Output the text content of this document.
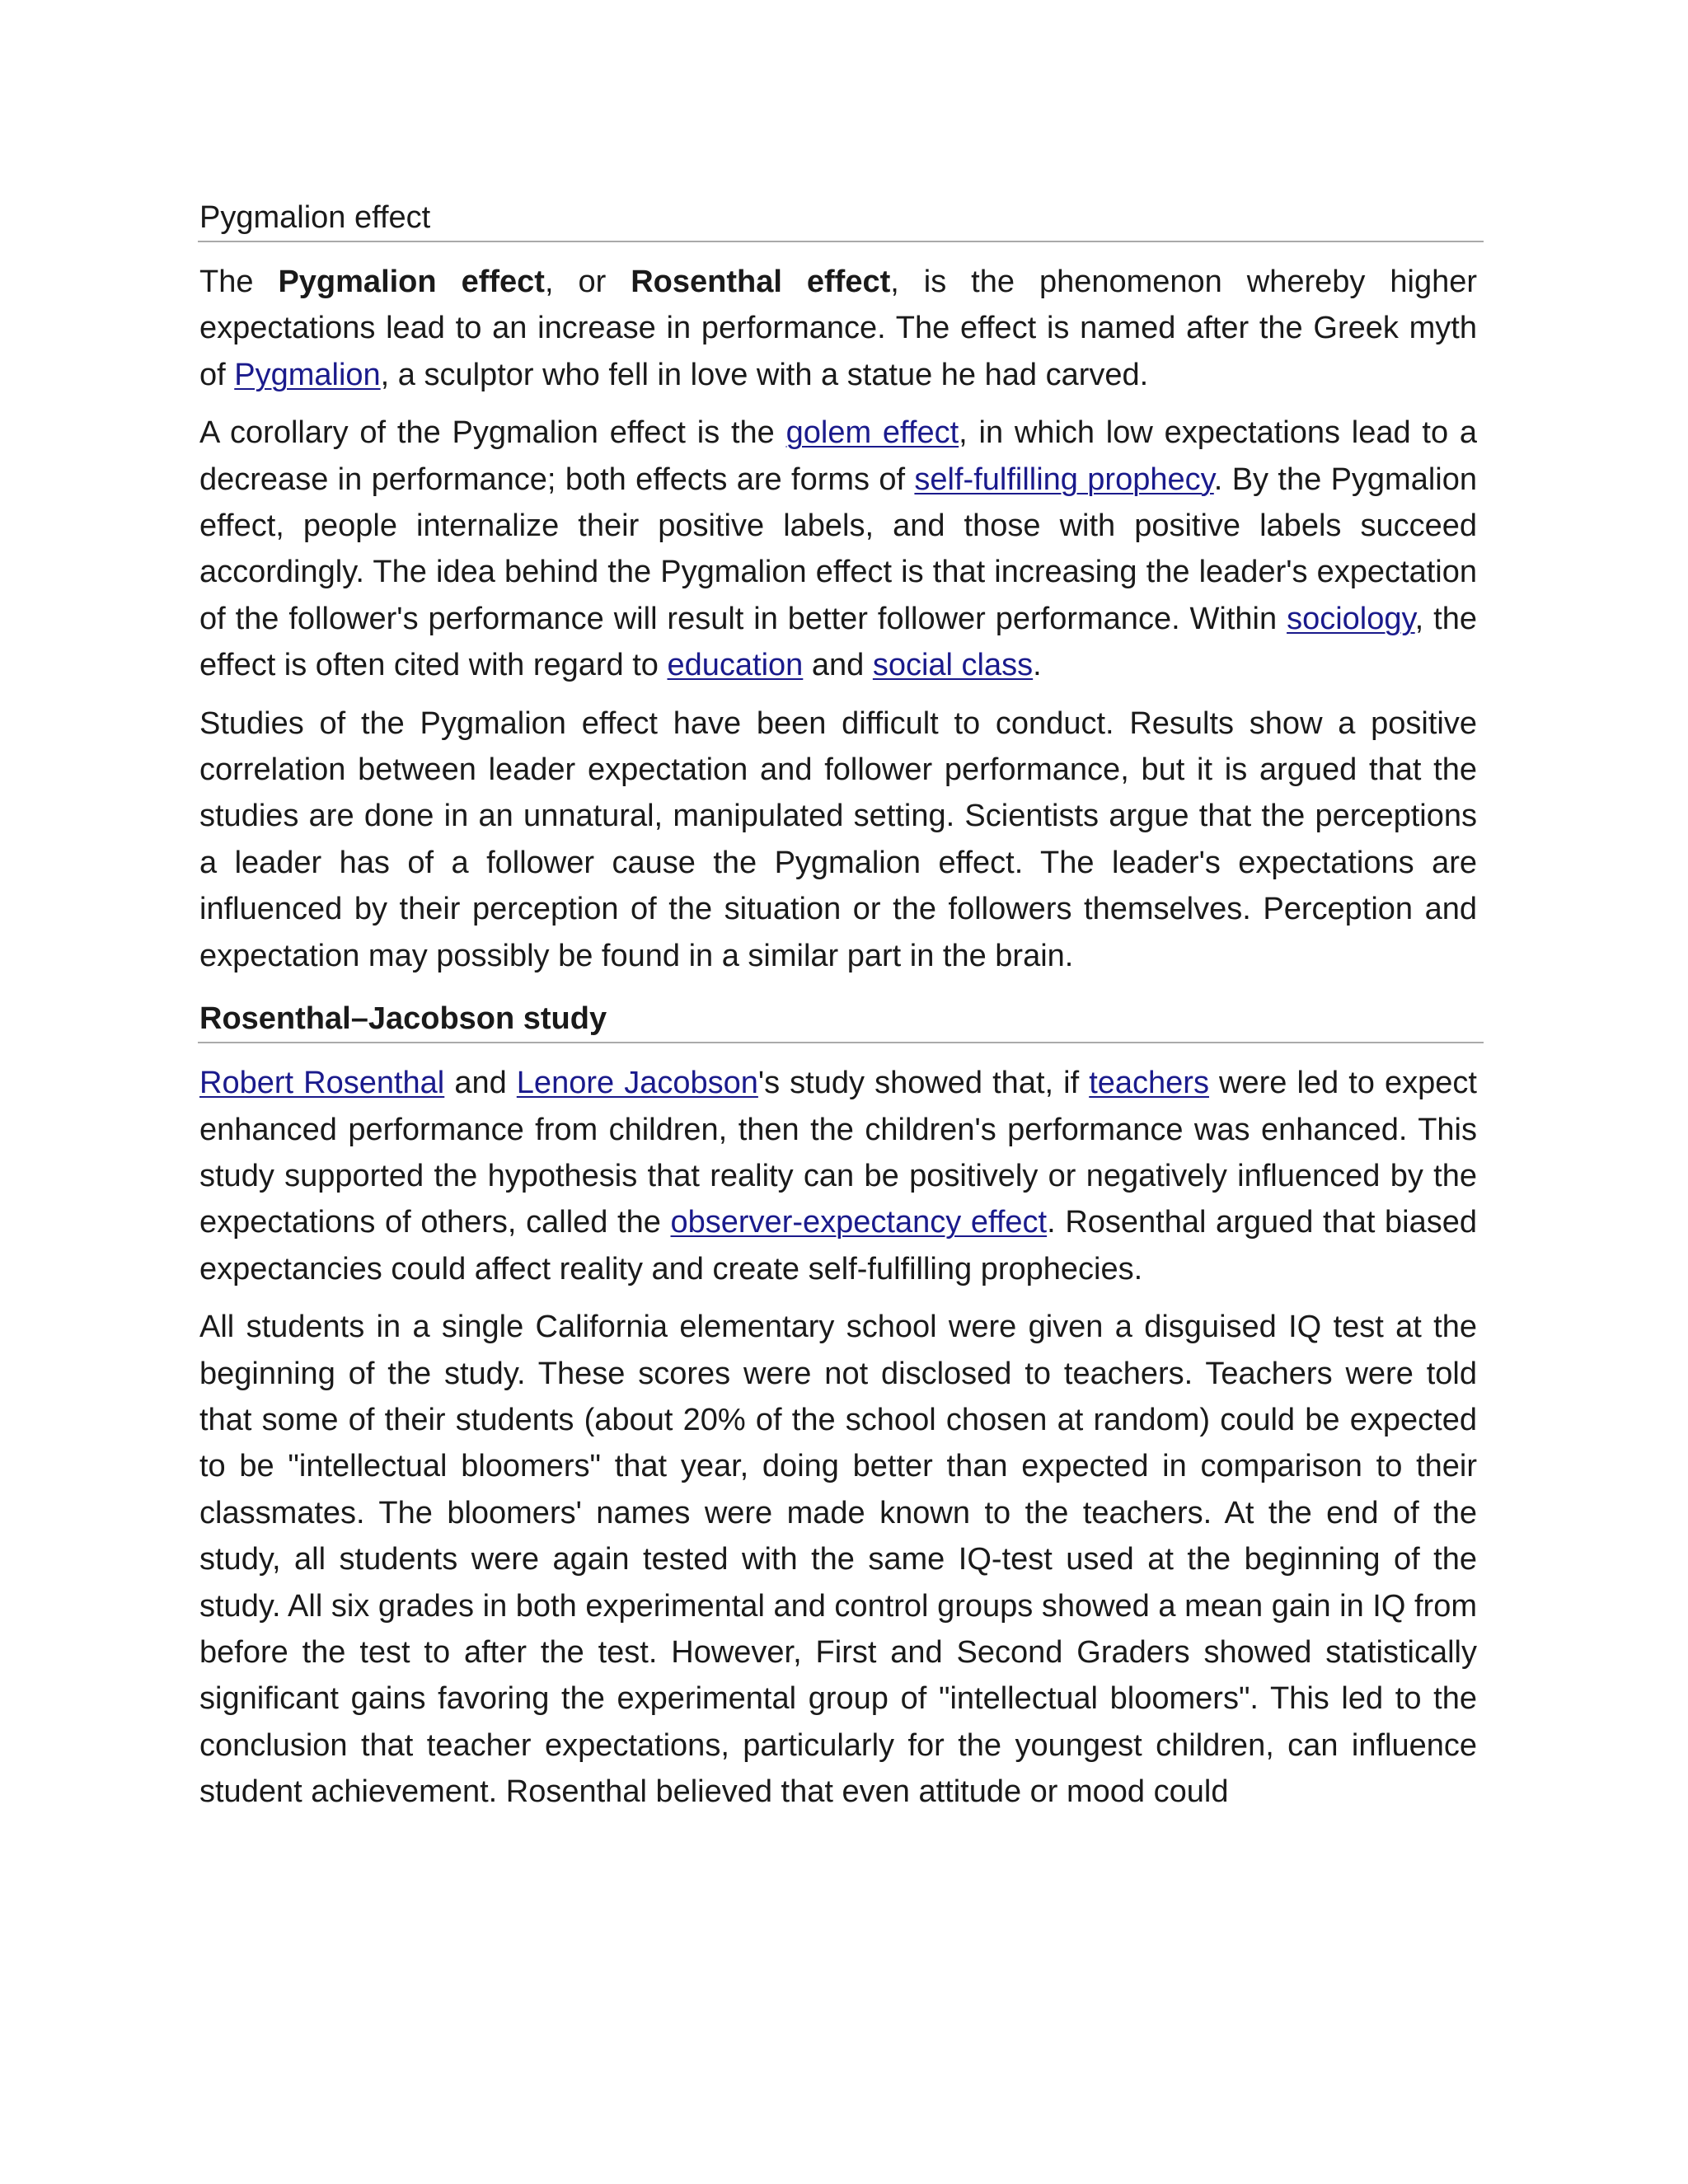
Pygmalion effect

The Pygmalion effect, or Rosenthal effect, is the phenomenon whereby higher expectations lead to an increase in performance. The effect is named after the Greek myth of Pygmalion, a sculptor who fell in love with a statue he had carved.

A corollary of the Pygmalion effect is the golem effect, in which low expectations lead to a decrease in performance; both effects are forms of self-fulfilling prophecy. By the Pygmalion effect, people internalize their positive labels, and those with positive labels succeed accordingly. The idea behind the Pygmalion effect is that increasing the leader's expectation of the follower's performance will result in better follower performance. Within sociology, the effect is often cited with regard to education and social class.

Studies of the Pygmalion effect have been difficult to conduct. Results show a positive correlation between leader expectation and follower performance, but it is argued that the studies are done in an unnatural, manipulated setting. Scientists argue that the perceptions a leader has of a follower cause the Pygmalion effect. The leader's expectations are influenced by their perception of the situation or the followers themselves. Perception and expectation may possibly be found in a similar part in the brain.

Rosenthal–Jacobson study

Robert Rosenthal and Lenore Jacobson's study showed that, if teachers were led to expect enhanced performance from children, then the children's performance was enhanced. This study supported the hypothesis that reality can be positively or negatively influenced by the expectations of others, called the observer-expectancy effect. Rosenthal argued that biased expectancies could affect reality and create self-fulfilling prophecies.

All students in a single California elementary school were given a disguised IQ test at the beginning of the study. These scores were not disclosed to teachers. Teachers were told that some of their students (about 20% of the school chosen at random) could be expected to be "intellectual bloomers" that year, doing better than expected in comparison to their classmates. The bloomers' names were made known to the teachers. At the end of the study, all students were again tested with the same IQ-test used at the beginning of the study. All six grades in both experimental and control groups showed a mean gain in IQ from before the test to after the test. However, First and Second Graders showed statistically significant gains favoring the experimental group of "intellectual bloomers". This led to the conclusion that teacher expectations, particularly for the youngest children, can influence student achievement. Rosenthal believed that even attitude or mood could
